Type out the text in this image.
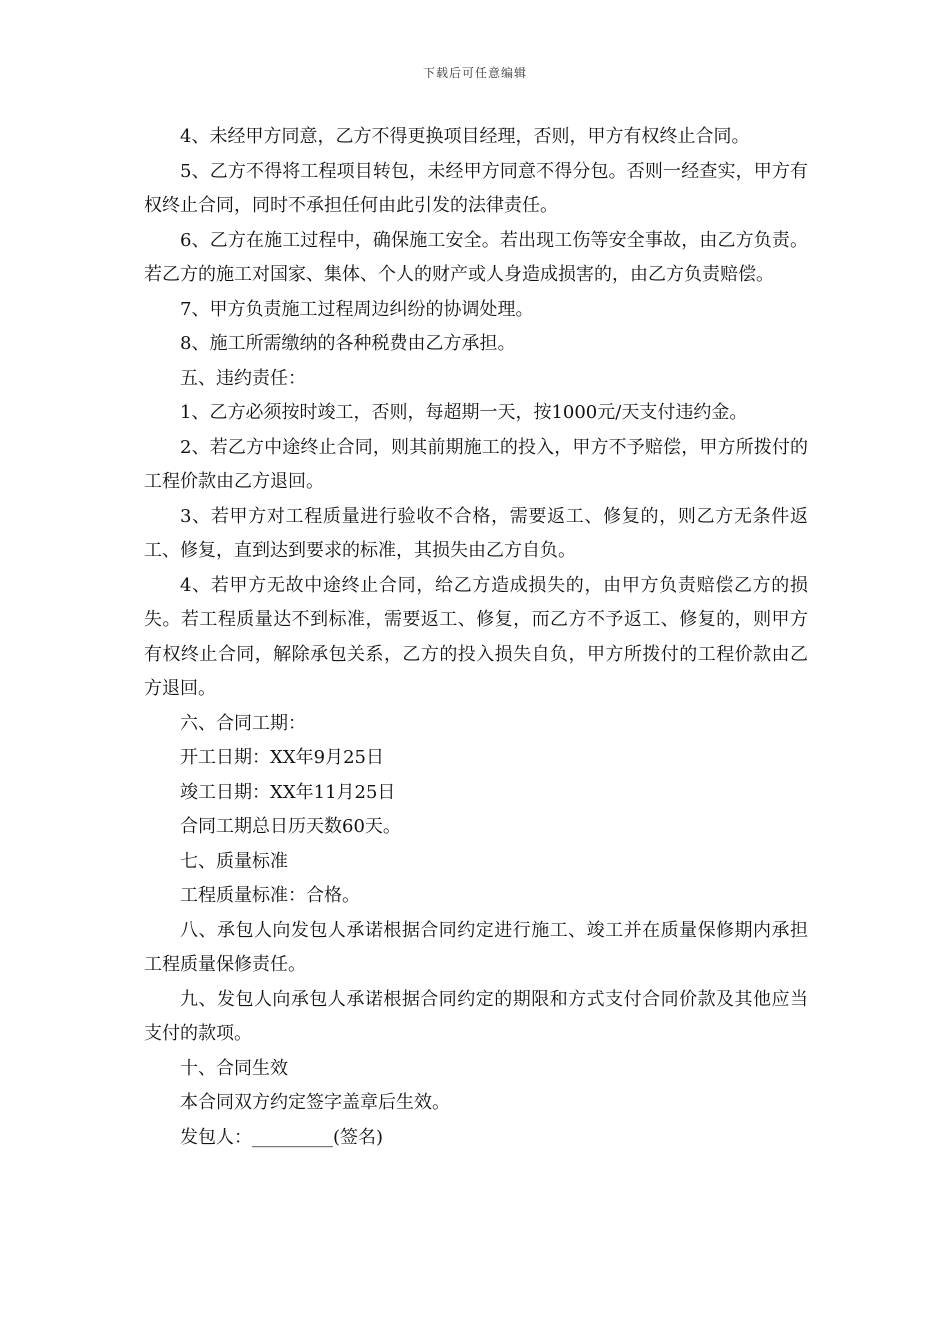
下载后可任意编辑

4、未经甲方同意，乙方不得更换项目经理，否则，甲方有权终止合同。

5、乙方不得将工程项目转包，未经甲方同意不得分包。否则一经查实，甲方有权终止合同，同时不承担任何由此引发的法律责任。

6、乙方在施工过程中，确保施工安全。若出现工伤等安全事故，由乙方负责。若乙方的施工对国家、集体、个人的财产或人身造成损害的，由乙方负责赔偿。

7、甲方负责施工过程周边纠纷的协调处理。

8、施工所需缴纳的各种税费由乙方承担。

五、违约责任：

1、乙方必须按时竣工，否则，每超期一天，按1000元/天支付违约金。

2、若乙方中途终止合同，则其前期施工的投入，甲方不予赔偿，甲方所拨付的工程价款由乙方退回。

3、若甲方对工程质量进行验收不合格，需要返工、修复的，则乙方无条件返工、修复，直到达到要求的标准，其损失由乙方自负。

4、若甲方无故中途终止合同，给乙方造成损失的，由甲方负责赔偿乙方的损失。若工程质量达不到标准，需要返工、修复，而乙方不予返工、修复的，则甲方有权终止合同，解除承包关系，乙方的投入损失自负，甲方所拨付的工程价款由乙方退回。

六、合同工期：

开工日期：XX年9月25日

竣工日期：XX年11月25日

合同工期总日历天数60天。

七、质量标准

工程质量标准：合格。

八、承包人向发包人承诺根据合同约定进行施工、竣工并在质量保修期内承担工程质量保修责任。

九、发包人向承包人承诺根据合同约定的期限和方式支付合同价款及其他应当支付的款项。

十、合同生效

本合同双方约定签字盖章后生效。

发包人：_________(签名)
